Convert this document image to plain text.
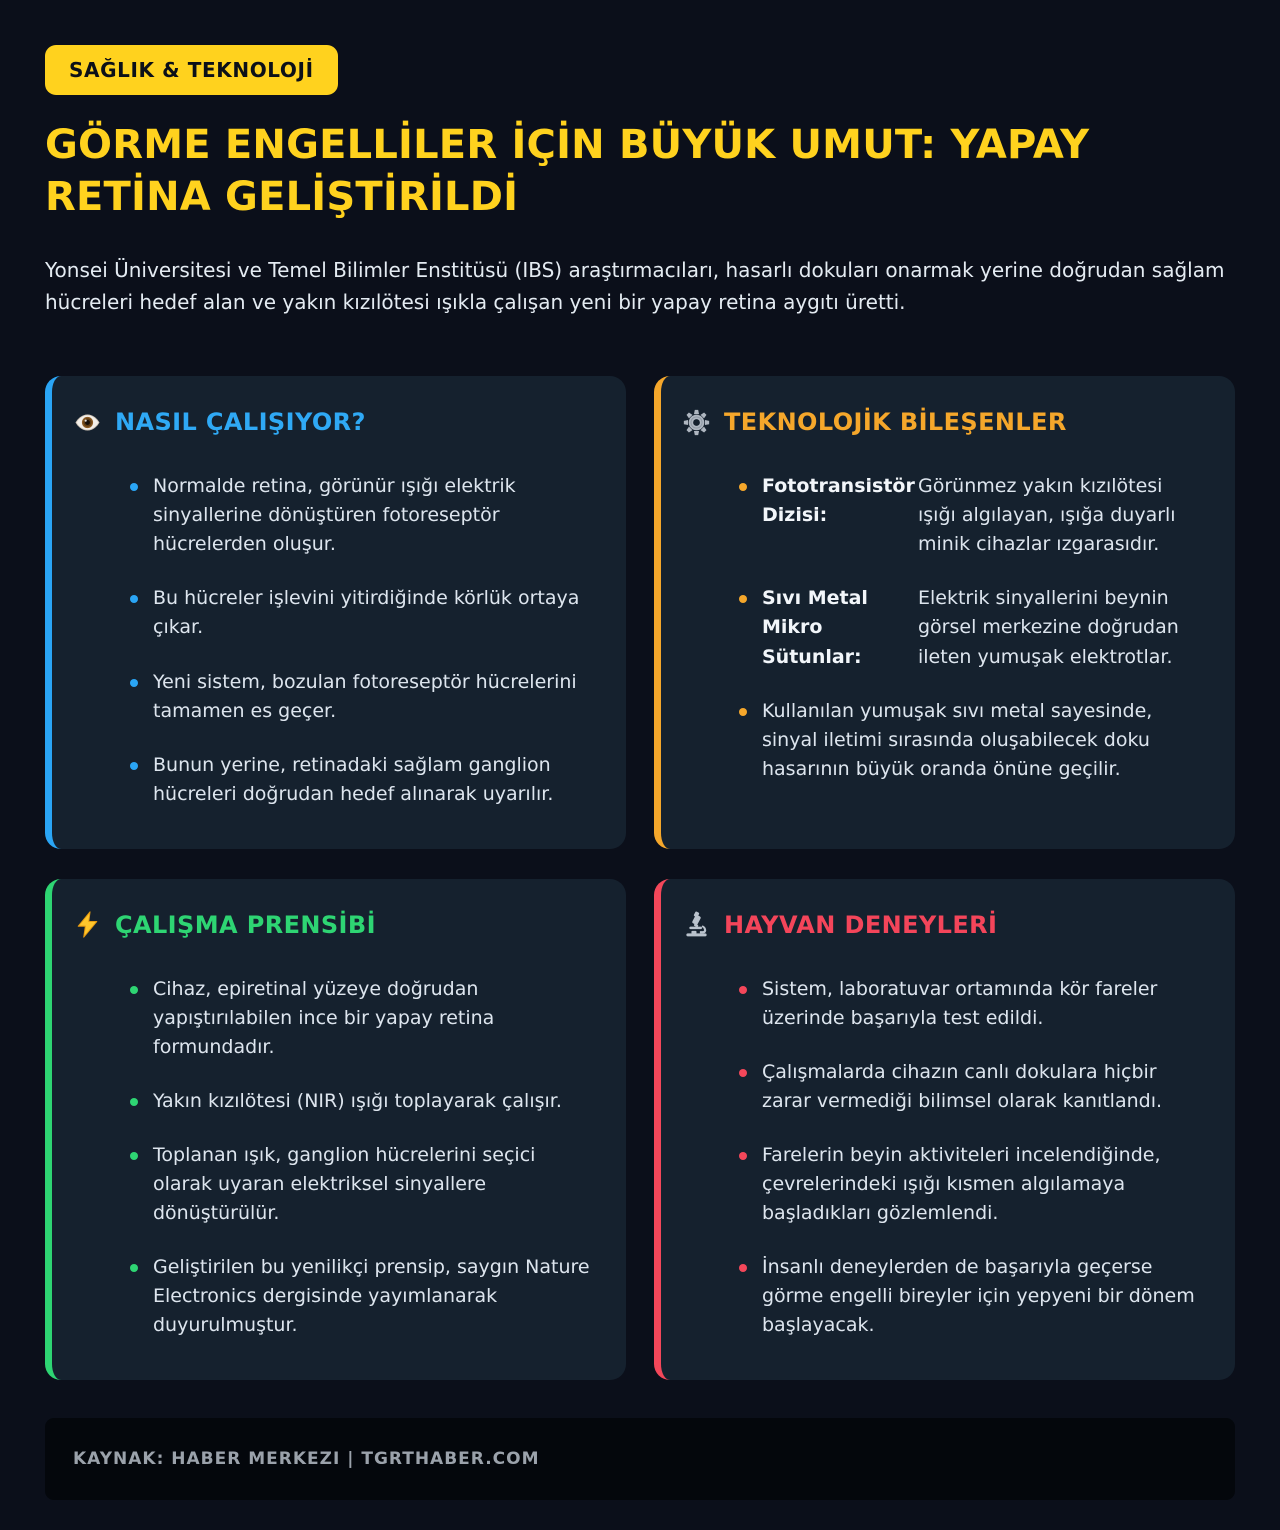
SAĞLIK & TEKNOLOJİ
GÖRME ENGELLİLER İÇİN BÜYÜK UMUT: YAPAY RETİNA GELİŞTİRİLDİ

Yonsei Üniversitesi ve Temel Bilimler Enstitüsü (IBS) araştırmacıları, hasarlı dokuları onarmak yerine doğrudan sağlam hücreleri hedef alan ve yakın kızılötesi ışıkla çalışan yeni bir yapay retina aygıtı üretti.

NASIL ÇALIŞIYOR?
Normalde retina, görünür ışığı elektrik sinyallerine dönüştüren fotoreseptör hücrelerden oluşur.
Bu hücreler işlevini yitirdiğinde körlük ortaya çıkar.
Yeni sistem, bozulan fotoreseptör hücrelerini tamamen es geçer.
Bunun yerine, retinadaki sağlam ganglion hücreleri doğrudan hedef alınarak uyarılır.
TEKNOLOJİK BİLEŞENLER
Fototransistör Dizisi:
Görünmez yakın kızılötesi ışığı algılayan, ışığa duyarlı minik cihazlar ızgarasıdır.
Sıvı Metal Mikro Sütunlar:
Elektrik sinyallerini beynin görsel merkezine doğrudan ileten yumuşak elektrotlar.
Kullanılan yumuşak sıvı metal sayesinde, sinyal iletimi sırasında oluşabilecek doku hasarının büyük oranda önüne geçilir.
ÇALIŞMA PRENSİBİ
Cihaz, epiretinal yüzeye doğrudan yapıştırılabilen ince bir yapay retina formundadır.
Yakın kızılötesi (NIR) ışığı toplayarak çalışır.
Toplanan ışık, ganglion hücrelerini seçici olarak uyaran elektriksel sinyallere dönüştürülür.
Geliştirilen bu yenilikçi prensip, saygın Nature Electronics dergisinde yayımlanarak duyurulmuştur.
HAYVAN DENEYLERİ
Sistem, laboratuvar ortamında kör fareler üzerinde başarıyla test edildi.
Çalışmalarda cihazın canlı dokulara hiçbir zarar vermediği bilimsel olarak kanıtlandı.
Farelerin beyin aktiviteleri incelendiğinde, çevrelerindeki ışığı kısmen algılamaya başladıkları gözlemlendi.
İnsanlı deneylerden de başarıyla geçerse görme engelli bireyler için yepyeni bir dönem başlayacak.
KAYNAK: HABER MERKEZI | TGRTHABER.COM
